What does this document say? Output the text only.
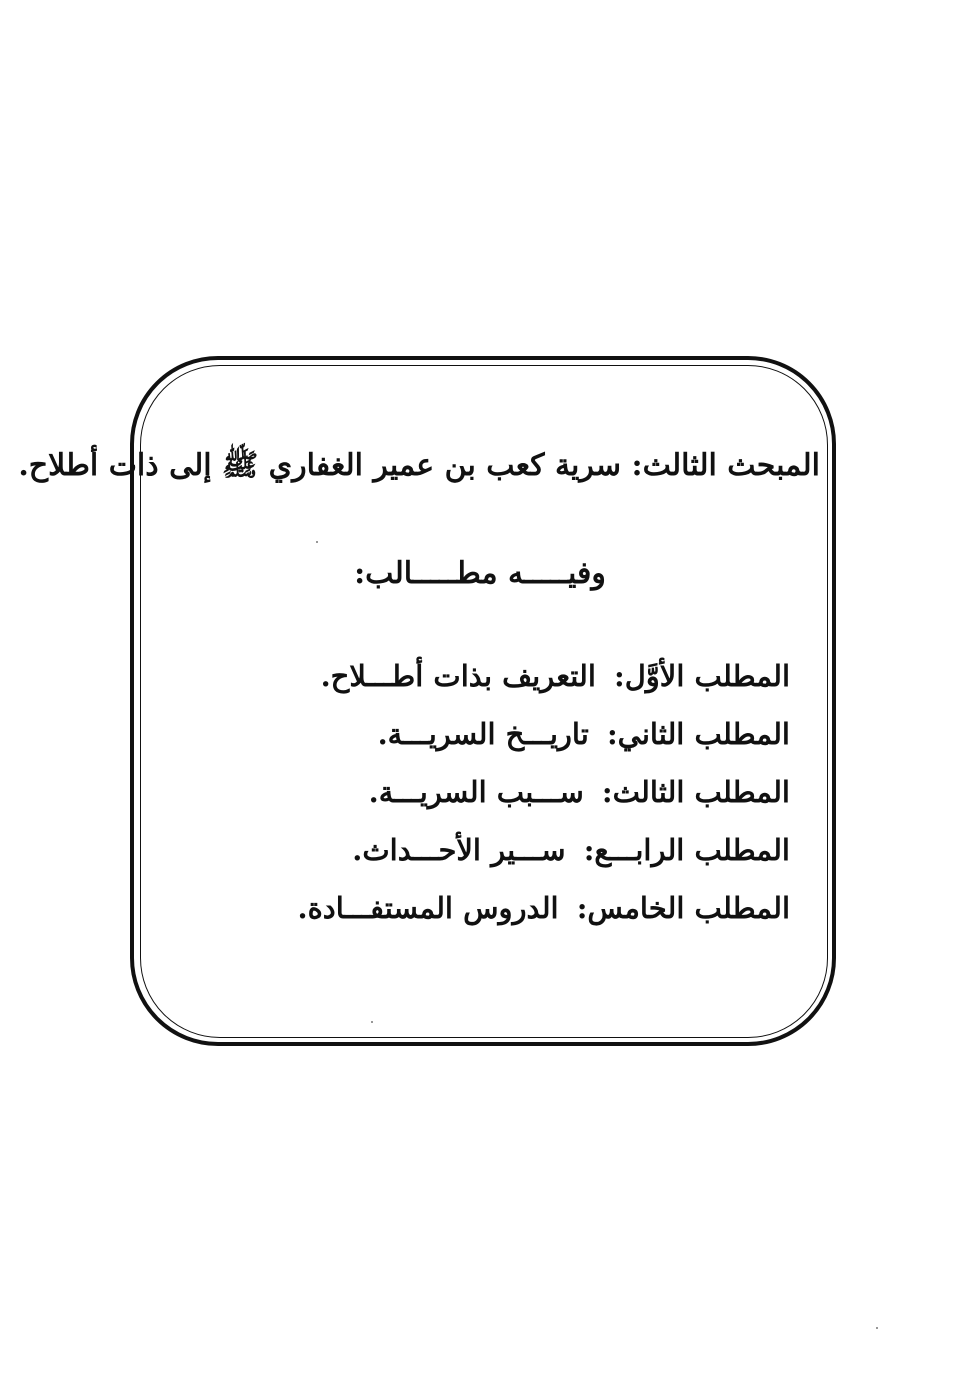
المبحث الثالث: سرية كعب بن عمير الغفاري ﷺ إلى ذات أطلاح.
وفيـــــه مطـــــالب:
المطلب الأوَّل: التعريف بذات أطـــلاح.
المطلب الثاني: تاريـــخ السريـــة.
المطلب الثالث: ســـبب السريـــة.
المطلب الرابـــع: ســـير الأحـــداث.
المطلب الخامس: الدروس المستفـــادة.
